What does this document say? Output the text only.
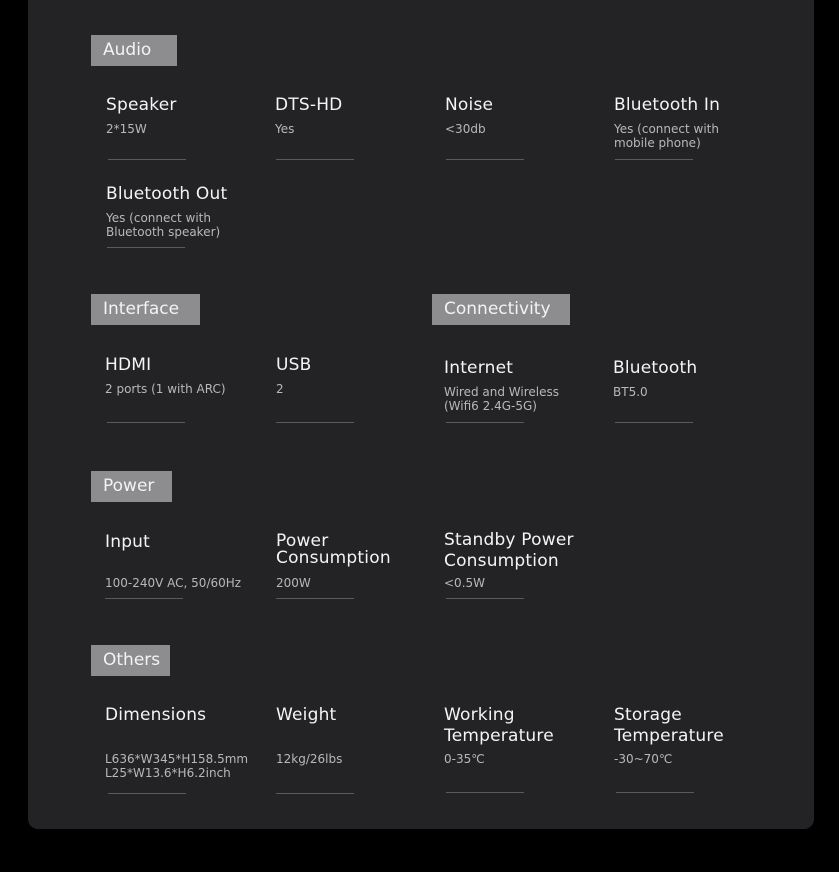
Audio
Speaker
2*15W
DTS-HD
Yes
Noise
<30db
Bluetooth In
Yes (connect with
mobile phone)
Bluetooth Out
Yes (connect with
Bluetooth speaker)
Interface
HDMI
2 ports (1 with ARC)
USB
2
Connectivity
Internet
Wired and Wireless
(Wifi6 2.4G-5G)
Bluetooth
BT5.0
Power
Input
100-240V AC, 50/60Hz
Power
Consumption
200W
Standby Power
Consumption
<0.5W
Others
Dimensions
L636*W345*H158.5mm
L25*W13.6*H6.2inch
Weight
12kg/26lbs
Working
Temperature
0-35℃
Storage
Temperature
-30~70℃
